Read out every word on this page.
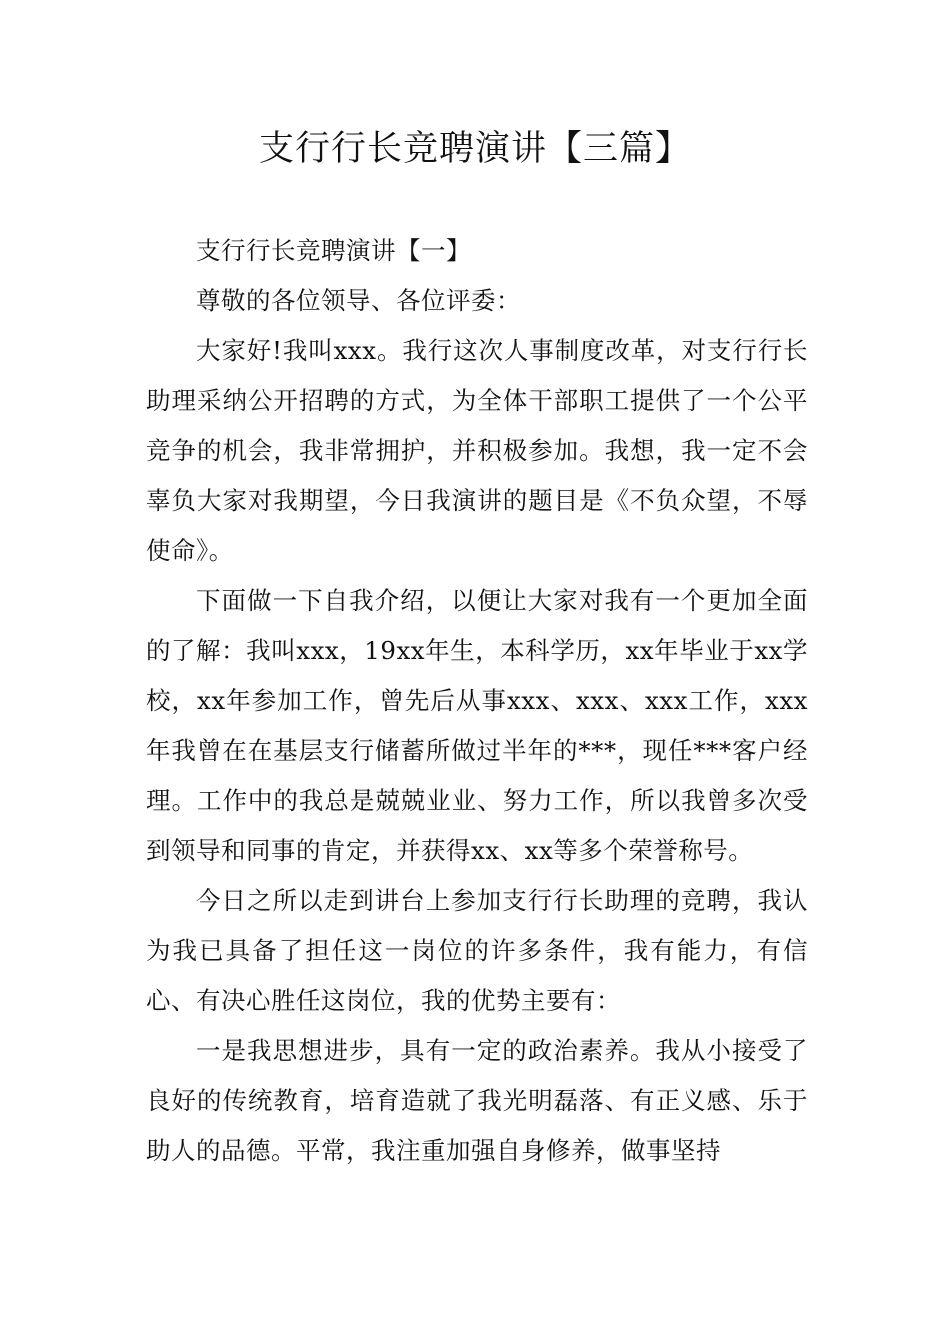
支行行长竞聘演讲【三篇】

支行行长竞聘演讲【一】

尊敬的各位领导、各位评委：

大家好!我叫xxx。我行这次人事制度改革，对支行行长助理采纳公开招聘的方式，为全体干部职工提供了一个公平竞争的机会，我非常拥护，并积极参加。我想，我一定不会辜负大家对我期望，今日我演讲的题目是《不负众望，不辱使命》。

下面做一下自我介绍，以便让大家对我有一个更加全面的了解：我叫xxx，19xx年生，本科学历，xx年毕业于xx学校，xx年参加工作，曾先后从事xxx、xxx、xxx工作，xxx年我曾在在基层支行储蓄所做过半年的***，现任***客户经理。工作中的我总是兢兢业业、努力工作，所以我曾多次受到领导和同事的肯定，并获得xx、xx等多个荣誉称号。

今日之所以走到讲台上参加支行行长助理的竞聘，我认为我已具备了担任这一岗位的许多条件，我有能力，有信心、有决心胜任这岗位，我的优势主要有：

一是我思想进步，具有一定的政治素养。我从小接受了良好的传统教育，培育造就了我光明磊落、有正义感、乐于助人的品德。平常，我注重加强自身修养，做事坚持
